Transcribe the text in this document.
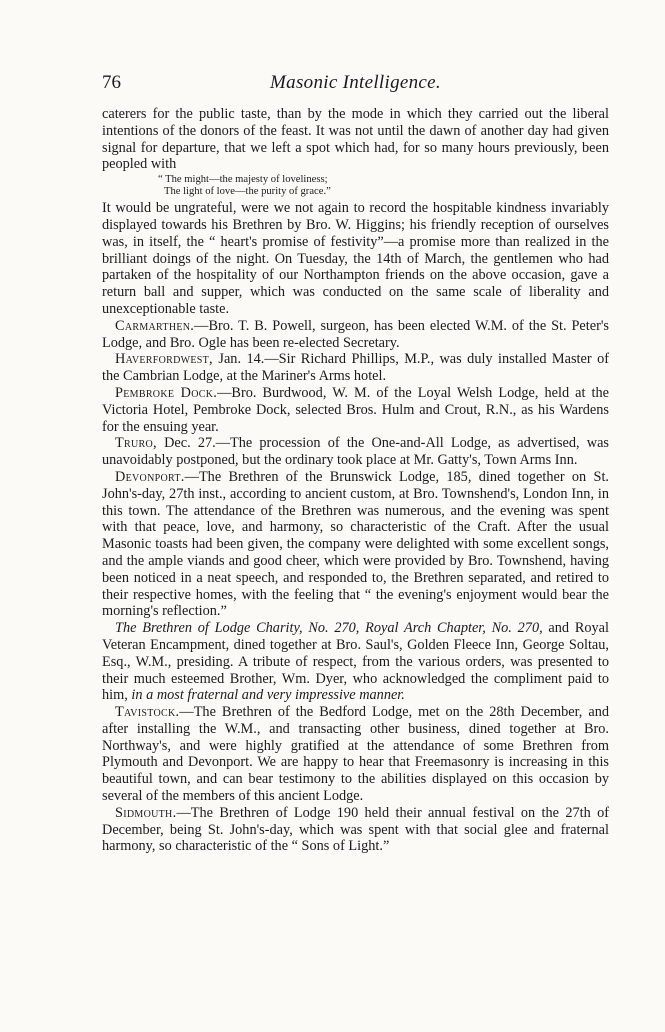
76	Masonic Intelligence.

caterers for the public taste, than by the mode in which they carried out the liberal intentions of the donors of the feast. It was not until the dawn of another day had given signal for departure, that we left a spot which had, for so many hours previously, been peopled with

“ The might—the majesty of loveliness;
The light of love—the purity of grace.”

It would be ungrateful, were we not again to record the hospitable kindness invariably displayed towards his Brethren by Bro. W. Higgins; his friendly reception of ourselves was, in itself, the “ heart's promise of festivity”—a promise more than realized in the brilliant doings of the night. On Tuesday, the 14th of March, the gentlemen who had partaken of the hospitality of our Northampton friends on the above occasion, gave a return ball and supper, which was conducted on the same scale of liberality and unexceptionable taste.

Carmarthen.—Bro. T. B. Powell, surgeon, has been elected W.M. of the St. Peter's Lodge, and Bro. Ogle has been re-elected Secretary.

Haverfordwest, Jan. 14.—Sir Richard Phillips, M.P., was duly installed Master of the Cambrian Lodge, at the Mariner's Arms hotel.

Pembroke Dock.—Bro. Burdwood, W. M. of the Loyal Welsh Lodge, held at the Victoria Hotel, Pembroke Dock, selected Bros. Hulm and Crout, R.N., as his Wardens for the ensuing year.

Truro, Dec. 27.—The procession of the One-and-All Lodge, as advertised, was unavoidably postponed, but the ordinary took place at Mr. Gatty's, Town Arms Inn.

Devonport.—The Brethren of the Brunswick Lodge, 185, dined together on St. John's-day, 27th inst., according to ancient custom, at Bro. Townshend's, London Inn, in this town. The attendance of the Brethren was numerous, and the evening was spent with that peace, love, and harmony, so characteristic of the Craft. After the usual Masonic toasts had been given, the company were delighted with some excellent songs, and the ample viands and good cheer, which were provided by Bro. Townshend, having been noticed in a neat speech, and responded to, the Brethren separated, and retired to their respective homes, with the feeling that “ the evening's enjoyment would bear the morning's reflection.”

The Brethren of Lodge Charity, No. 270, Royal Arch Chapter, No. 270, and Royal Veteran Encampment, dined together at Bro. Saul's, Golden Fleece Inn, George Soltau, Esq., W.M., presiding. A tribute of respect, from the various orders, was presented to their much esteemed Brother, Wm. Dyer, who acknowledged the compliment paid to him, in a most fraternal and very impressive manner.

Tavistock.—The Brethren of the Bedford Lodge, met on the 28th December, and after installing the W.M., and transacting other business, dined together at Bro. Northway's, and were highly gratified at the attendance of some Brethren from Plymouth and Devonport. We are happy to hear that Freemasonry is increasing in this beautiful town, and can bear testimony to the abilities displayed on this occasion by several of the members of this ancient Lodge.

Sidmouth.—The Brethren of Lodge 190 held their annual festival on the 27th of December, being St. John's-day, which was spent with that social glee and fraternal harmony, so characteristic of the “ Sons of Light.”
